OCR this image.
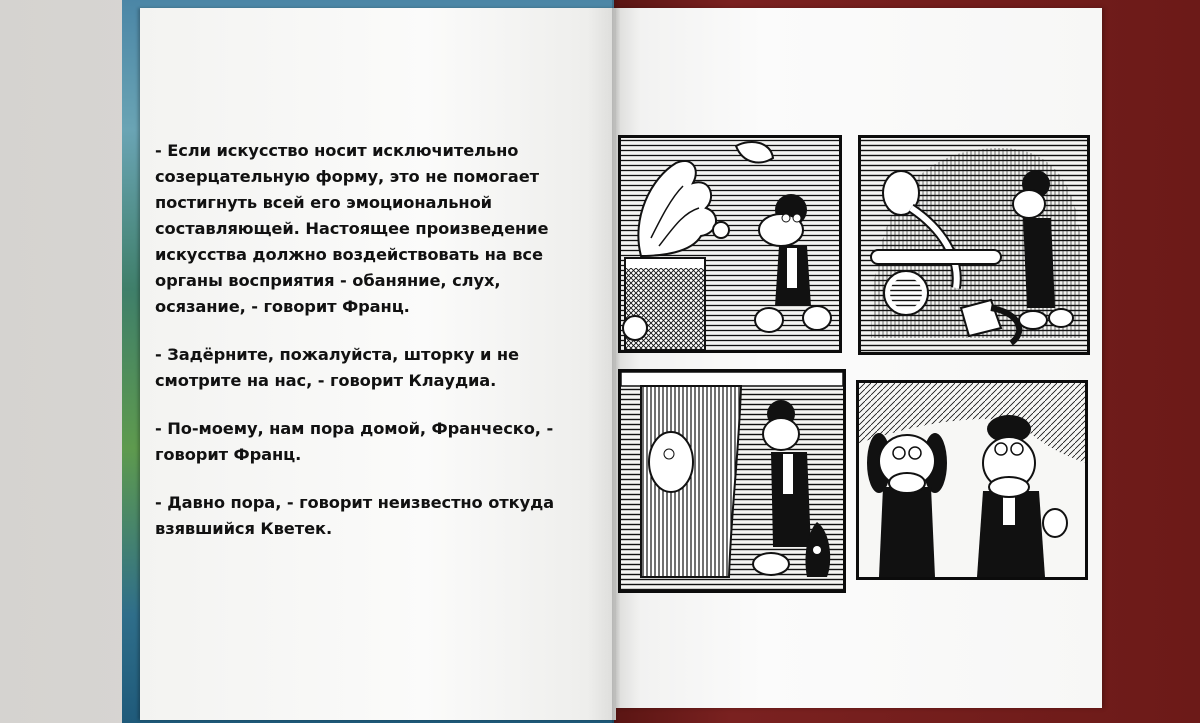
- Если искусство носит исключительно созерцательную форму, это не помогает постигнуть всей его эмоциональной составляющей. Настоящее произведение искусства должно воздействовать на все органы восприятия - обаняние, слух, осязание, - говорит Франц.

- Задёрните, пожалуйста, шторку и не смотрите на нас, - говорит Клаудиа.

- По-моему, нам пора домой, Франческо, - говорит Франц.

- Давно пора, - говорит неизвестно откуда взявшийся Кветек.
